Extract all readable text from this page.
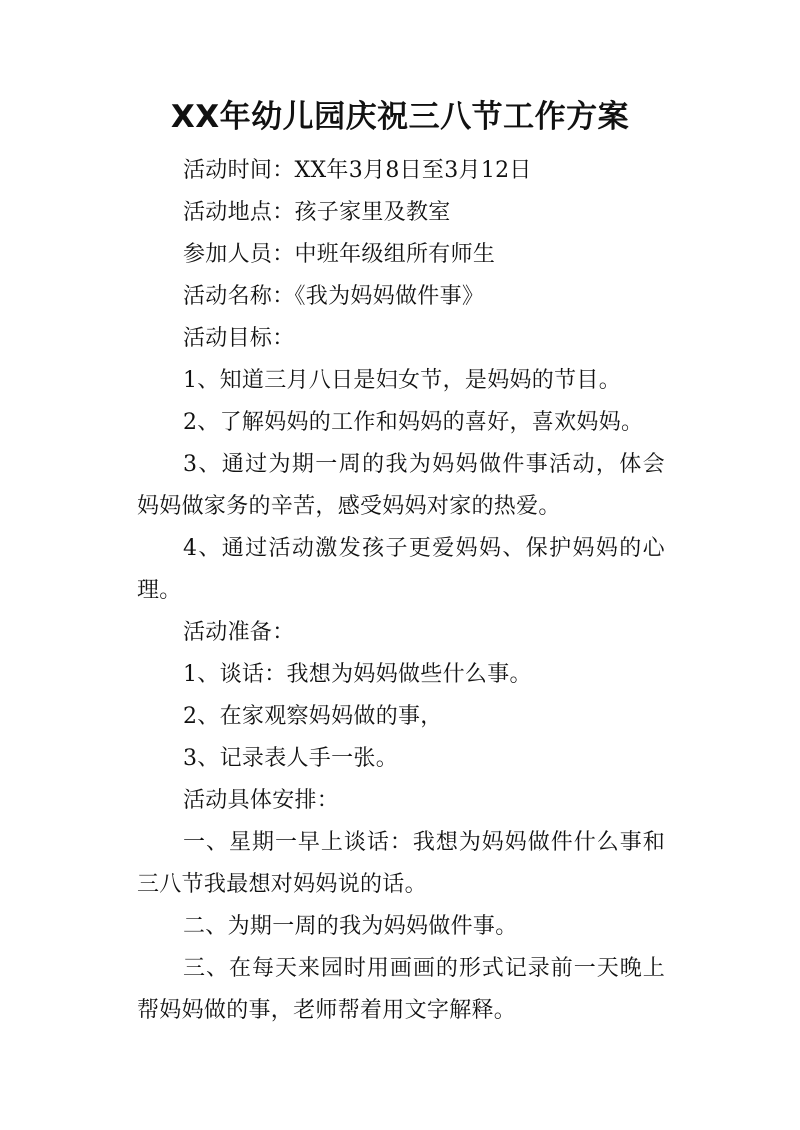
XX年幼儿园庆祝三八节工作方案

活动时间：XX年3月8日至3月12日

活动地点：孩子家里及教室

参加人员：中班年级组所有师生

活动名称：《我为妈妈做件事》

活动目标：

1、知道三月八日是妇女节，是妈妈的节目。

2、了解妈妈的工作和妈妈的喜好，喜欢妈妈。

3、通过为期一周的我为妈妈做件事活动，体会妈妈做家务的辛苦，感受妈妈对家的热爱。

4、通过活动激发孩子更爱妈妈、保护妈妈的心理。

活动准备：

1、谈话：我想为妈妈做些什么事。

2、在家观察妈妈做的事，

3、记录表人手一张。

活动具体安排：

一、星期一早上谈话：我想为妈妈做件什么事和三八节我最想对妈妈说的话。

二、为期一周的我为妈妈做件事。

三、在每天来园时用画画的形式记录前一天晚上帮妈妈做的事，老师帮着用文字解释。
